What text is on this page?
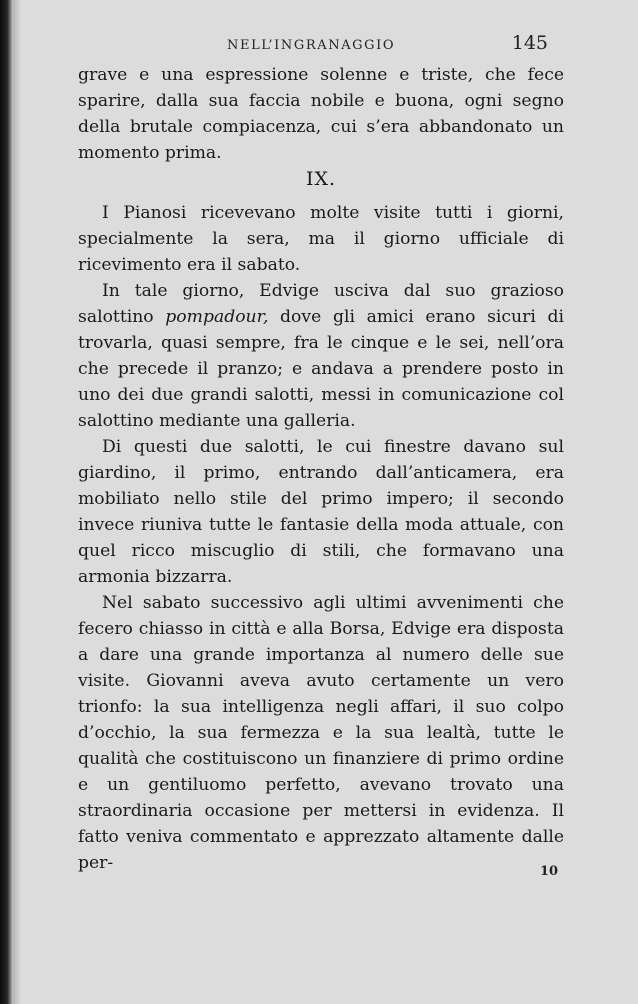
NELL’INGRANAGGIO	145

grave e una espressione solenne e triste, che fece sparire, dalla sua faccia nobile e buona, ogni segno della brutale compiacenza, cui s’era abbandonato un momento prima.

IX.

I Pianosi ricevevano molte visite tutti i giorni, specialmente la sera, ma il giorno ufficiale di ricevimento era il sabato.

In tale giorno, Edvige usciva dal suo grazioso salottino pompadour, dove gli amici erano sicuri di trovarla, quasi sempre, fra le cinque e le sei, nell’ora che precede il pranzo; e andava a prendere posto in uno dei due grandi salotti, messi in comunicazione col salottino mediante una galleria.

Di questi due salotti, le cui finestre davano sul giardino, il primo, entrando dall’anticamera, era mobiliato nello stile del primo impero; il secondo invece riuniva tutte le fantasie della moda attuale, con quel ricco miscuglio di stili, che formavano una armonia bizzarra.

Nel sabato successivo agli ultimi avvenimenti che fecero chiasso in città e alla Borsa, Edvige era disposta a dare una grande importanza al numero delle sue visite. Giovanni aveva avuto certamente un vero trionfo: la sua intelligenza negli affari, il suo colpo d’occhio, la sua fermezza e la sua lealtà, tutte le qualità che costituiscono un finanziere di primo ordine e un gentiluomo perfetto, avevano trovato una straordinaria occasione per mettersi in evidenza. Il fatto veniva commentato e apprezzato altamente dalle per-	10
